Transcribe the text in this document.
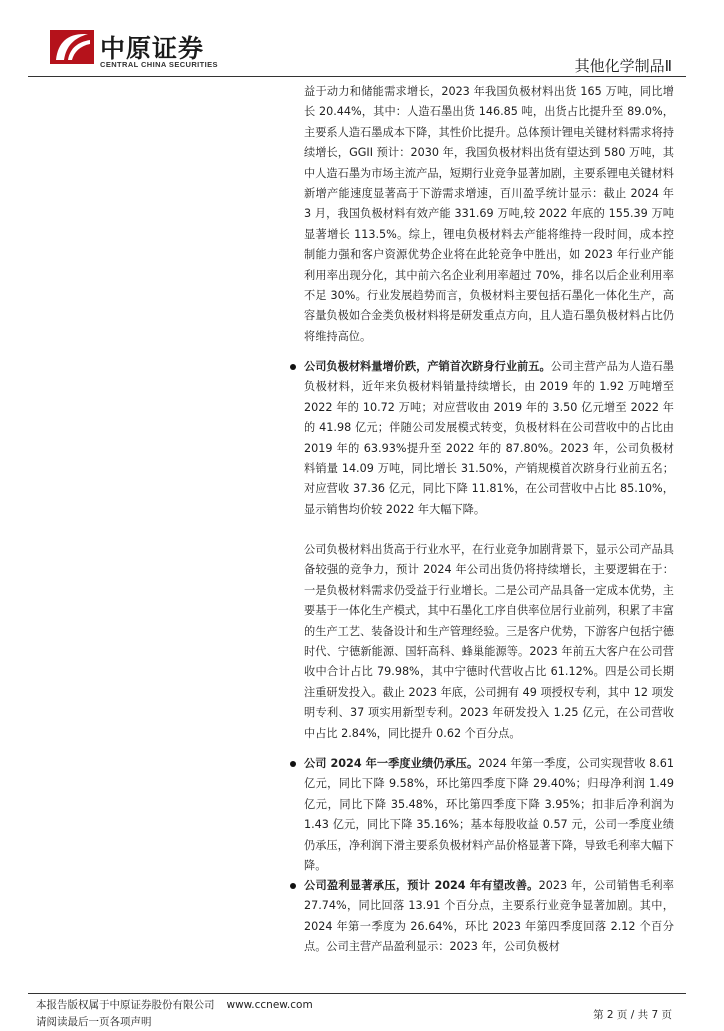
中原证券
CENTRAL CHINA SECURITIES	其他化学制品Ⅱ

益于动力和储能需求增长，2023 年我国负极材料出货 165 万吨，同比增长 20.44%，其中：人造石墨出货 146.85 吨，出货占比提升至 89.0%，主要系人造石墨成本下降，其性价比提升。总体预计锂电关键材料需求将持续增长，GGII 预计：2030 年，我国负极材料出货有望达到 580 万吨，其中人造石墨为市场主流产品，短期行业竞争显著加剧，主要系锂电关键材料新增产能速度显著高于下游需求增速，百川盈孚统计显示：截止 2024 年 3 月，我国负极材料有效产能 331.69 万吨,较 2022 年底的 155.39 万吨显著增长 113.5%。综上，锂电负极材料去产能将维持一段时间，成本控制能力强和客户资源优势企业将在此轮竞争中胜出，如 2023 年行业产能利用率出现分化，其中前六名企业利用率超过 70%，排名以后企业利用率不足 30%。行业发展趋势而言，负极材料主要包括石墨化一体化生产，高容量负极如合金类负极材料将是研发重点方向，且人造石墨负极材料占比仍将维持高位。

公司负极材料量增价跌，产销首次跻身行业前五。公司主营产品为人造石墨负极材料，近年来负极材料销量持续增长，由 2019 年的 1.92 万吨增至 2022 年的 10.72 万吨；对应营收由 2019 年的 3.50 亿元增至 2022 年的 41.98 亿元；伴随公司发展模式转变，负极材料在公司营收中的占比由 2019 年的 63.93%提升至 2022 年的 87.80%。2023 年，公司负极材料销量 14.09 万吨，同比增长 31.50%，产销规模首次跻身行业前五名；对应营收 37.36 亿元，同比下降 11.81%，在公司营收中占比 85.10%，显示销售均价较 2022 年大幅下降。

公司负极材料出货高于行业水平，在行业竞争加剧背景下，显示公司产品具备较强的竞争力，预计 2024 年公司出货仍将持续增长，主要逻辑在于：一是负极材料需求仍受益于行业增长。二是公司产品具备一定成本优势，主要基于一体化生产模式，其中石墨化工序自供率位居行业前列，积累了丰富的生产工艺、装备设计和生产管理经验。三是客户优势，下游客户包括宁德时代、宁德新能源、国轩高科、蜂巢能源等。2023 年前五大客户在公司营收中合计占比 79.98%，其中宁德时代营收占比 61.12%。四是公司长期注重研发投入。截止 2023 年底，公司拥有 49 项授权专利，其中 12 项发明专利、37 项实用新型专利。2023 年研发投入 1.25 亿元，在公司营收中占比 2.84%，同比提升 0.62 个百分点。

公司 2024 年一季度业绩仍承压。2024 年第一季度，公司实现营收 8.61 亿元，同比下降 9.58%，环比第四季度下降 29.40%；归母净利润 1.49 亿元，同比下降 35.48%，环比第四季度下降 3.95%；扣非后净利润为 1.43 亿元，同比下降 35.16%；基本每股收益 0.57 元，公司一季度业绩仍承压，净利润下滑主要系负极材料产品价格显著下降，导致毛利率大幅下降。

公司盈利显著承压，预计 2024 年有望改善。2023 年，公司销售毛利率 27.74%，同比回落 13.91 个百分点，主要系行业竞争显著加剧。其中，2024 年第一季度为 26.64%，环比 2023 年第四季度回落 2.12 个百分点。公司主营产品盈利显示：2023 年，公司负极材

本报告版权属于中原证券股份有限公司 www.ccnew.com
请阅读最后一页各项声明
第 2 页 / 共 7 页
